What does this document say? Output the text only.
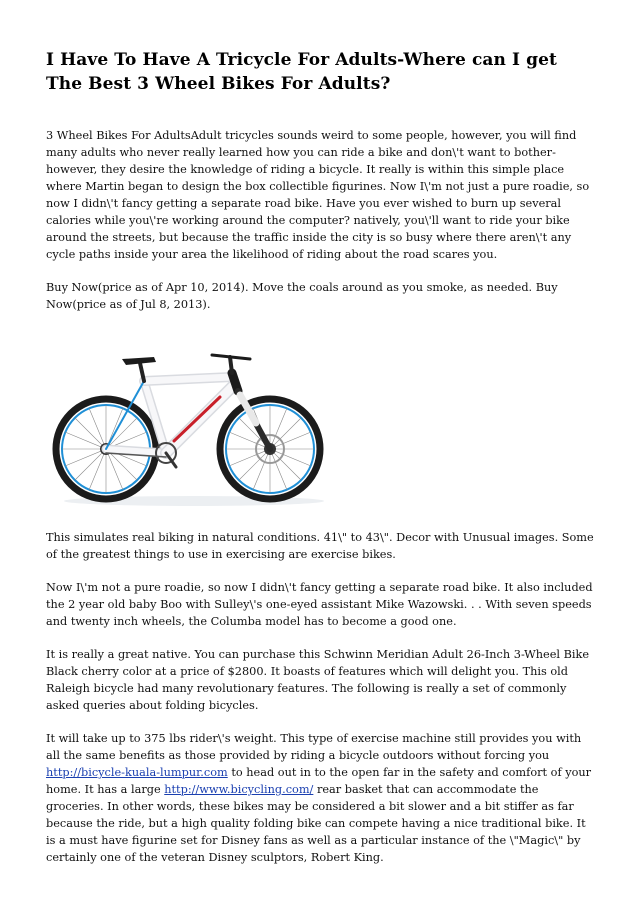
I Have To Have A Tricycle For Adults-Where can I get The Best 3 Wheel Bikes For Adults?

3 Wheel Bikes For AdultsAdult tricycles sounds weird to some people, however, you will find many adults who never really learned how you can ride a bike and don\'t want to bother-however, they desire the knowledge of riding a bicycle. It really is within this simple place where Martin began to design the box collectible figurines. Now I\'m not just a pure roadie, so now I didn\'t fancy getting a separate road bike. Have you ever wished to burn up several calories while you\'re working around the computer? natively, you\'ll want to ride your bike around the streets, but because the traffic inside the city is so busy where there aren\'t any cycle paths inside your area the likelihood of riding about the road scares you.

Buy Now(price as of Apr 10, 2014). Move the coals around as you smoke, as needed. Buy Now(price as of Jul 8, 2013).

This simulates real biking in natural conditions. 41\" to 43\". Decor with Unusual images. Some of the greatest things to use in exercising are exercise bikes.

Now I\'m not a pure roadie, so now I didn\'t fancy getting a separate road bike. It also included the 2 year old baby Boo with Sulley\'s one-eyed assistant Mike Wazowski. . . With seven speeds and twenty inch wheels, the Columba model has to become a good one.

It is really a great native. You can purchase this Schwinn Meridian Adult 26-Inch 3-Wheel Bike Black cherry color at a price of $2800. It boasts of features which will delight you. This old Raleigh bicycle had many revolutionary features. The following is really a set of commonly asked queries about folding bicycles.

It will take up to 375 lbs rider\'s weight. This type of exercise machine still provides you with all the same benefits as those provided by riding a bicycle outdoors without forcing you http://bicycle-kuala-lumpur.com to head out in to the open far in the safety and comfort of your home. It has a large http://www.bicycling.com/ rear basket that can accommodate the groceries. In other words, these bikes may be considered a bit slower and a bit stiffer as far because the ride, but a high quality folding bike can compete having a nice traditional bike. It is a must have figurine set for Disney fans as well as a particular instance of the \"Magic\" by certainly one of the veteran Disney sculptors, Robert King.
